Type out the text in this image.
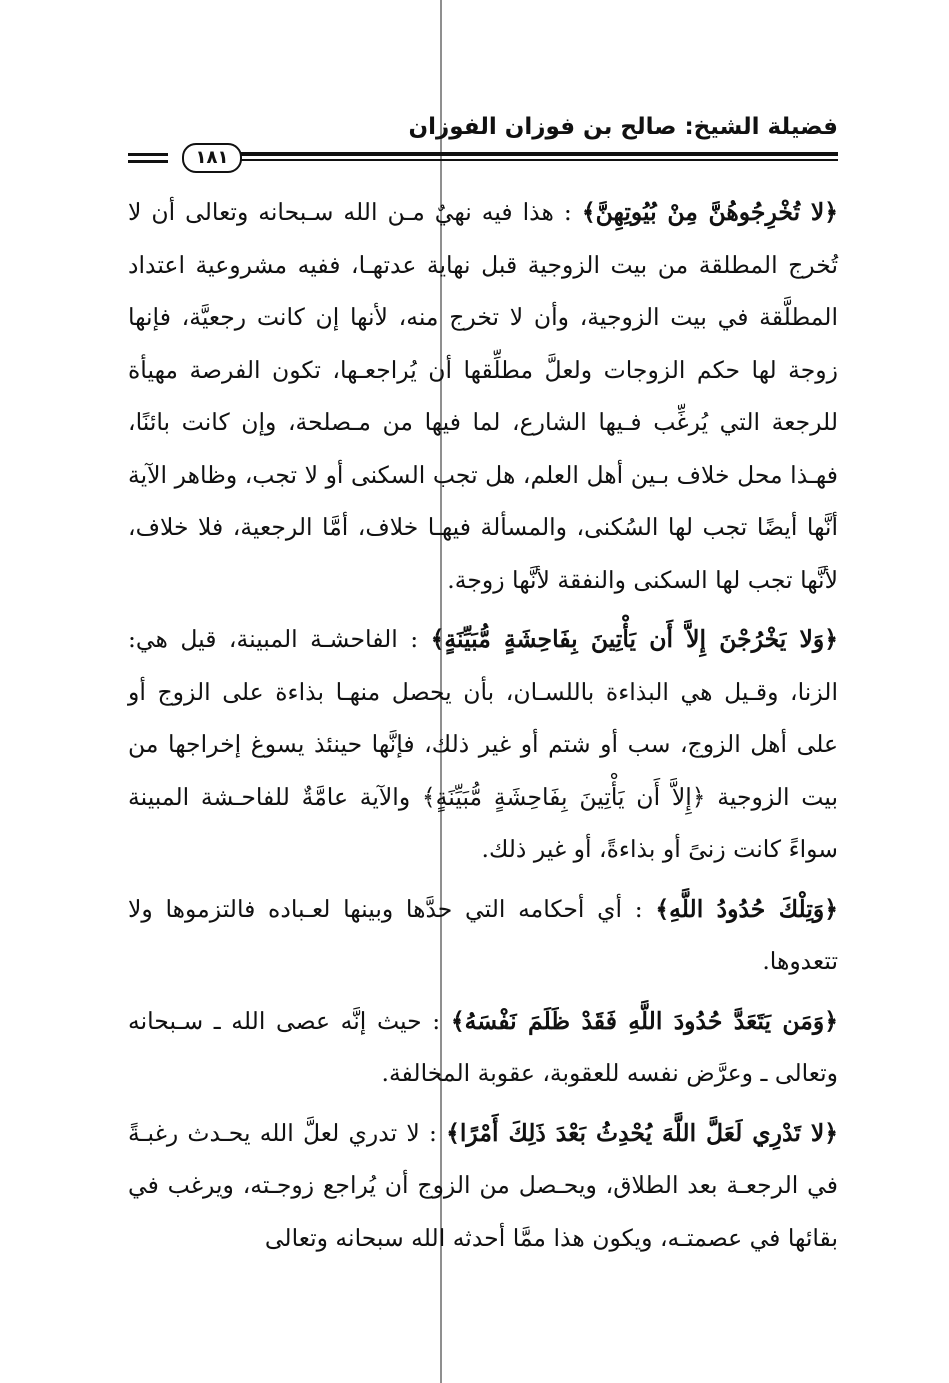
فضيلة الشيخ: صالح بن فوزان الفوزان
١٨١

﴿لا تُخْرِجُوهُنَّ مِنْ بُيُوتِهِنَّ﴾ : هذا فيه نهيٌ مـن الله سـبحانه وتعالى أن لا تُخرج المطلقة من بيت الزوجية قبل نهاية عدتهـا، ففيه مشروعية اعتداد المطلَّقة في بيت الزوجية، وأن لا تخرج منه، لأنها إن كانت رجعيَّة، فإنها زوجة لها حكم الزوجات ولعلَّ مطلِّقها أن يُراجعـها، تكون الفرصة مهيأة للرجعة التي يُرغِّب فـيها الشارع، لما فيها من مـصلحة، وإن كانت بائنًا، فهـذا محل خلاف بـين أهل العلم، هل تجب السكنى أو لا تجب، وظاهر الآية أنَّها أيضًا تجب لها السُكنى، والمسألة فيهـا خلاف، أمَّا الرجعية، فلا خلاف، لأنَّها تجب لها السكنى والنفقة لأنَّها زوجة.

﴿وَلا يَخْرُجْنَ إِلاَّ أَن يَأْتِينَ بِفَاحِشَةٍ مُّبَيِّنَةٍ﴾ : الفاحشـة المبينة، قيل هي: الزنا، وقـيل هي البذاءة باللسـان، بأن يحصل منهـا بذاءة على الزوج أو على أهل الزوج، سب أو شتم أو غير ذلك، فإنَّها حينئذ يسوغ إخراجها من بيت الزوجية ﴿إِلاَّ أَن يَأْتِينَ بِفَاحِشَةٍ مُّبَيِّنَةٍ﴾ والآية عامَّةٌ للفاحـشة المبينة سواءً كانت زنىً أو بذاءةً، أو غير ذلك.

﴿وَتِلْكَ حُدُودُ اللَّهِ﴾ : أي أحكامه التي حدَّها وبينها لعـباده فالتزموها ولا تتعدوها.

﴿وَمَن يَتَعَدَّ حُدُودَ اللَّهِ فَقَدْ ظَلَمَ نَفْسَهُ﴾ : حيث إنَّه عصى الله ـ سـبحانه وتعالى ـ وعرَّض نفسه للعقوبة، عقوبة المخالفة.

﴿لا تَدْرِي لَعَلَّ اللَّهَ يُحْدِثُ بَعْدَ ذَلِكَ أَمْرًا﴾ : لا تدري لعلَّ الله يحـدث رغبـةً في الرجعـة بعد الطلاق، ويحـصل من الزوج أن يُراجع زوجـته، ويرغب في بقائها في عصمتـه، ويكون هذا ممَّا أحدثه الله سبحانه وتعالى
